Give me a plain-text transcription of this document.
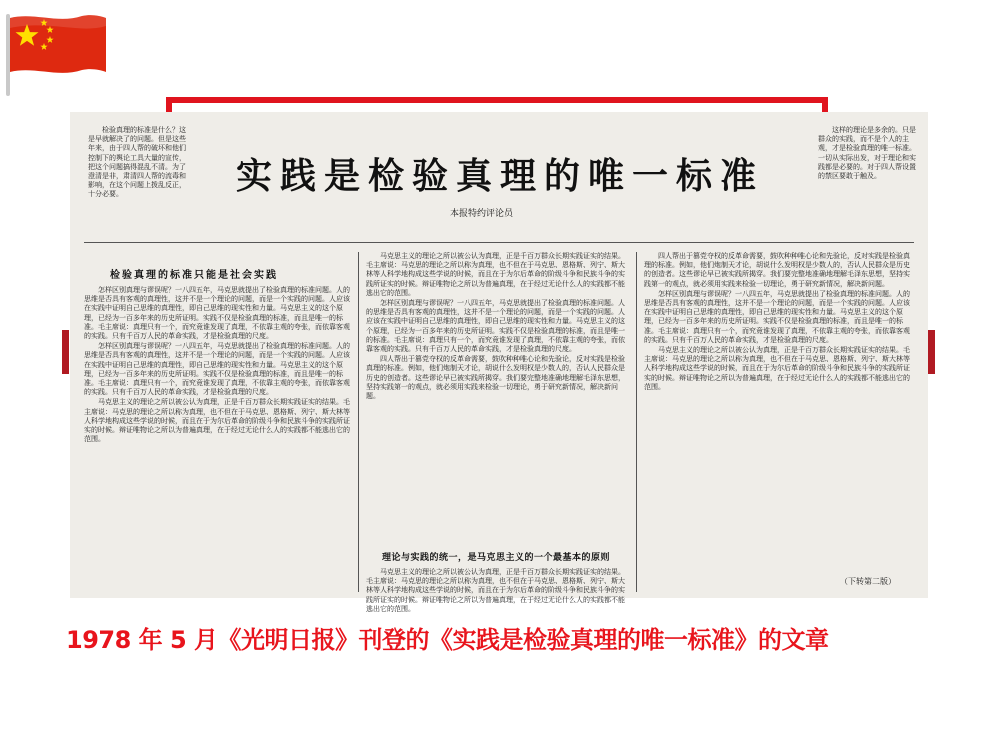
检验真理的标准是什么？这是早就解决了的问题。但是这些年来，由于四人帮的破坏和他们控制下的舆论工具大量的宣传，把这个问题搞得混乱不清。为了澄清是非，肃清四人帮的流毒和影响，在这个问题上拨乱反正，十分必要。	实践是检验真理的唯一标准
本报特约评论员

这样的理论是多余的。只是群众的实践，而不是个人的主观，才是检验真理的唯一标准。一切从实际出发，对于理论和实践都是必要的。对于四人帮设置的禁区要敢于触及。

检验真理的标准只能是社会实践

怎样区别真理与谬误呢？一八四五年，马克思就提出了检验真理的标准问题。人的思维是否具有客观的真理性，这并不是一个理论的问题，而是一个实践的问题。人应该在实践中证明自己思维的真理性，即自己思维的现实性和力量。马克思主义的这个原理，已经为一百多年来的历史所证明。实践不仅是检验真理的标准，而且是唯一的标准。毛主席说：真理只有一个，而究竟谁发现了真理，不依靠主观的夸张，而依靠客观的实践。只有千百万人民的革命实践，才是检验真理的尺度。

怎样区别真理与谬误呢？一八四五年，马克思就提出了检验真理的标准问题。人的思维是否具有客观的真理性，这并不是一个理论的问题，而是一个实践的问题。人应该在实践中证明自己思维的真理性，即自己思维的现实性和力量。马克思主义的这个原理，已经为一百多年来的历史所证明。实践不仅是检验真理的标准，而且是唯一的标准。毛主席说：真理只有一个，而究竟谁发现了真理，不依靠主观的夸张，而依靠客观的实践。只有千百万人民的革命实践，才是检验真理的尺度。

马克思主义的理论之所以被公认为真理，正是千百万群众长期实践证实的结果。毛主席说：马克思的理论之所以称为真理，也不但在于马克思、恩格斯、列宁、斯大林等人科学地构成这些学说的时候，而且在于为尔后革命的阶级斗争和民族斗争的实践所证实的时候。辩证唯物论之所以为普遍真理，在于经过无论什么人的实践都不能逃出它的范围。

马克思主义的理论之所以被公认为真理，正是千百万群众长期实践证实的结果。毛主席说：马克思的理论之所以称为真理，也不但在于马克思、恩格斯、列宁、斯大林等人科学地构成这些学说的时候，而且在于为尔后革命的阶级斗争和民族斗争的实践所证实的时候。辩证唯物论之所以为普遍真理，在于经过无论什么人的实践都不能逃出它的范围。

怎样区别真理与谬误呢？一八四五年，马克思就提出了检验真理的标准问题。人的思维是否具有客观的真理性，这并不是一个理论的问题，而是一个实践的问题。人应该在实践中证明自己思维的真理性，即自己思维的现实性和力量。马克思主义的这个原理，已经为一百多年来的历史所证明。实践不仅是检验真理的标准，而且是唯一的标准。毛主席说：真理只有一个，而究竟谁发现了真理，不依靠主观的夸张，而依靠客观的实践。只有千百万人民的革命实践，才是检验真理的尺度。

四人帮出于篡党夺权的反革命需要，鼓吹种种唯心论和先验论，反对实践是检验真理的标准。例如，他们炮制天才论，胡说什么发明权是少数人的，否认人民群众是历史的创造者。这些谬论早已被实践所揭穿。我们要完整地准确地理解毛泽东思想，坚持实践第一的观点，就必须用实践来检验一切理论，勇于研究新情况，解决新问题。

理论与实践的统一，是马克思主义的一个最基本的原则

马克思主义的理论之所以被公认为真理，正是千百万群众长期实践证实的结果。毛主席说：马克思的理论之所以称为真理，也不但在于马克思、恩格斯、列宁、斯大林等人科学地构成这些学说的时候，而且在于为尔后革命的阶级斗争和民族斗争的实践所证实的时候。辩证唯物论之所以为普遍真理，在于经过无论什么人的实践都不能逃出它的范围。

四人帮出于篡党夺权的反革命需要，鼓吹种种唯心论和先验论，反对实践是检验真理的标准。例如，他们炮制天才论，胡说什么发明权是少数人的，否认人民群众是历史的创造者。这些谬论早已被实践所揭穿。我们要完整地准确地理解毛泽东思想，坚持实践第一的观点，就必须用实践来检验一切理论，勇于研究新情况，解决新问题。

怎样区别真理与谬误呢？一八四五年，马克思就提出了检验真理的标准问题。人的思维是否具有客观的真理性，这并不是一个理论的问题，而是一个实践的问题。人应该在实践中证明自己思维的真理性，即自己思维的现实性和力量。马克思主义的这个原理，已经为一百多年来的历史所证明。实践不仅是检验真理的标准，而且是唯一的标准。毛主席说：真理只有一个，而究竟谁发现了真理，不依靠主观的夸张，而依靠客观的实践。只有千百万人民的革命实践，才是检验真理的尺度。

马克思主义的理论之所以被公认为真理，正是千百万群众长期实践证实的结果。毛主席说：马克思的理论之所以称为真理，也不但在于马克思、恩格斯、列宁、斯大林等人科学地构成这些学说的时候，而且在于为尔后革命的阶级斗争和民族斗争的实践所证实的时候。辩证唯物论之所以为普遍真理，在于经过无论什么人的实践都不能逃出它的范围。

（下转第二版）
1978 年 5 月《光明日报》刊登的《实践是检验真理的唯一标准》的文章
